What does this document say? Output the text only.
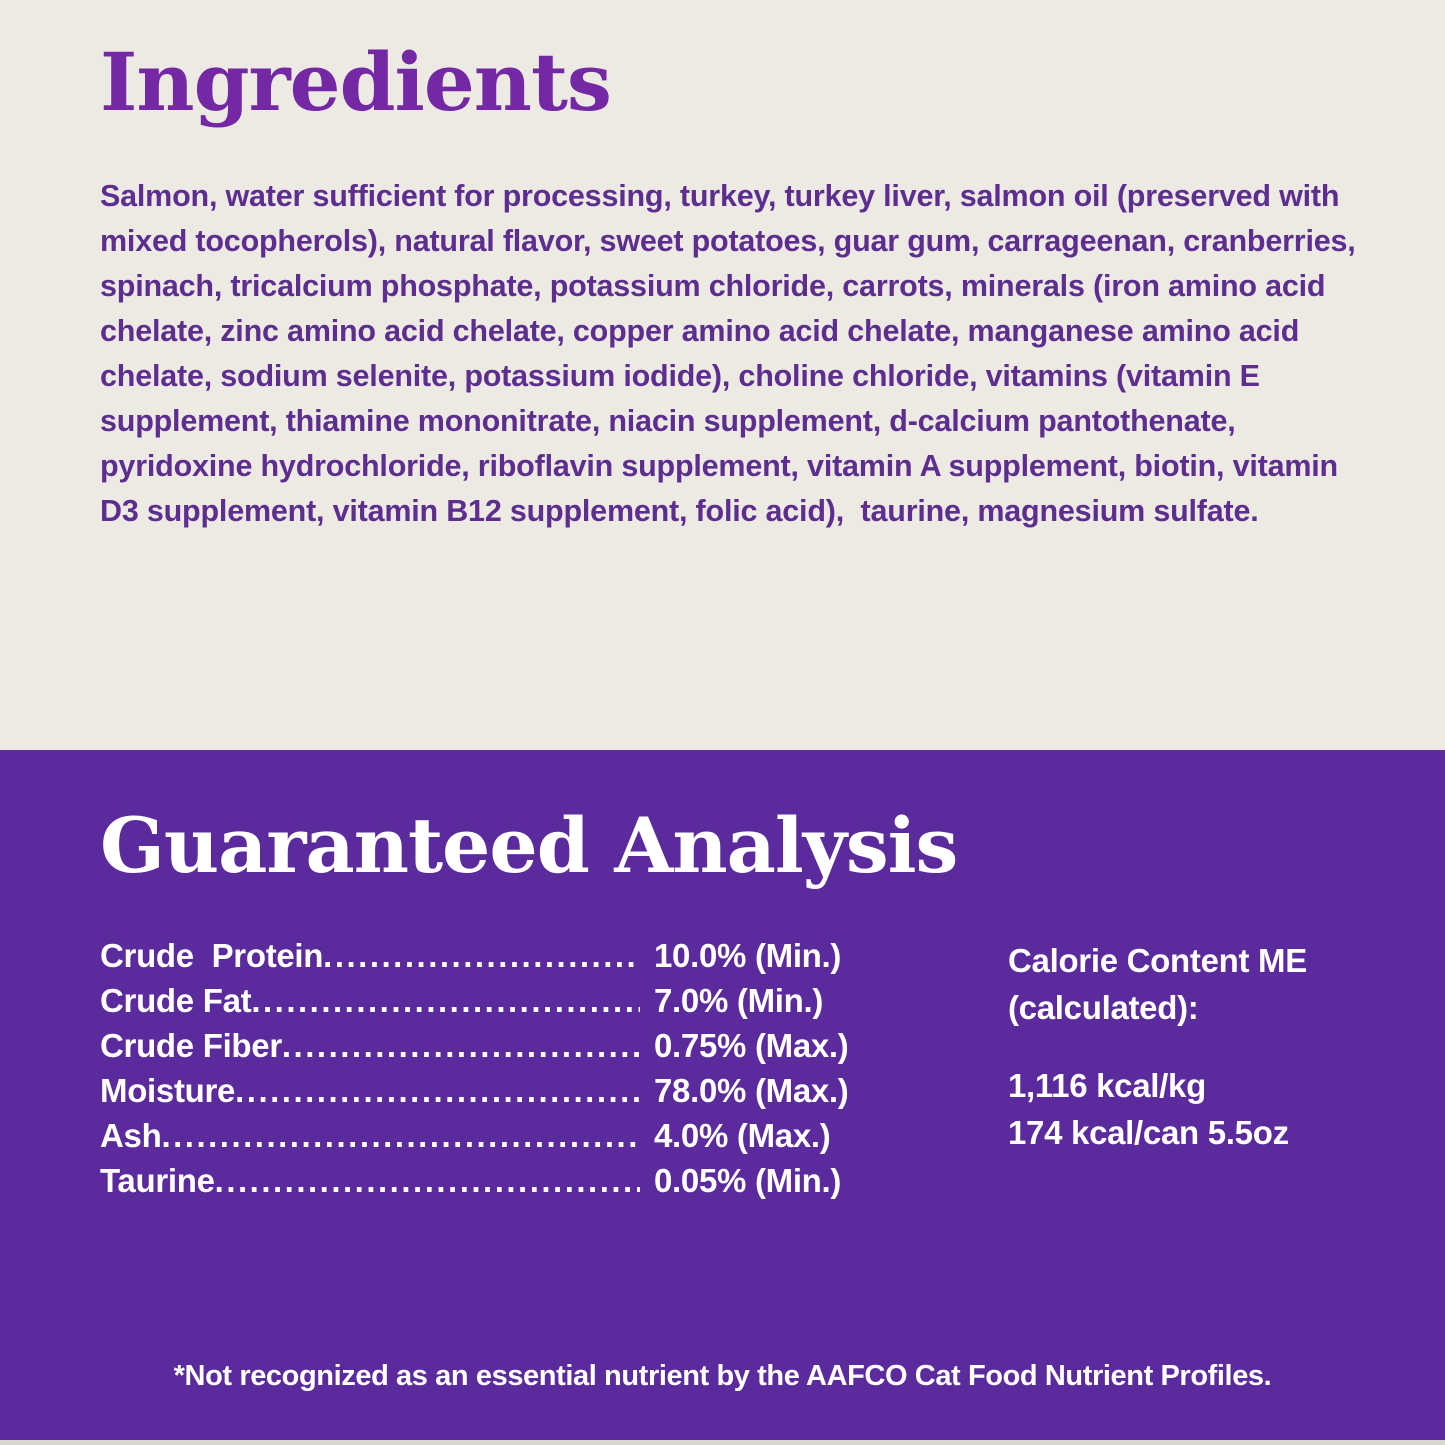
Ingredients

Salmon, water sufficient for processing, turkey, turkey liver, salmon oil (preserved with mixed tocopherols), natural flavor, sweet potatoes, guar gum, carrageenan, cranberries, spinach, tricalcium phosphate, potassium chloride, carrots, minerals (iron amino acid chelate, zinc amino acid chelate, copper amino acid chelate, manganese amino acid chelate, sodium selenite, potassium iodide), choline chloride, vitamins (vitamin E supplement, thiamine mononitrate, niacin supplement, d-calcium pantothenate, pyridoxine hydrochloride, riboflavin supplement, vitamin A supplement, biotin, vitamin D3 supplement, vitamin B12 supplement, folic acid),  taurine, magnesium sulfate.

Guaranteed Analysis
Crude  Protein .....	10.0% (Min.)
Crude Fat .....	7.0% (Min.)
Crude Fiber .....	0.75% (Max.)
Moisture .....	78.0% (Max.)
Ash .....	4.0% (Max.)
Taurine .....	0.05% (Min.)
Calorie Content ME
(calculated):
1,116 kcal/kg
174 kcal/can 5.5oz

*Not recognized as an essential nutrient by the AAFCO Cat Food Nutrient Profiles.
